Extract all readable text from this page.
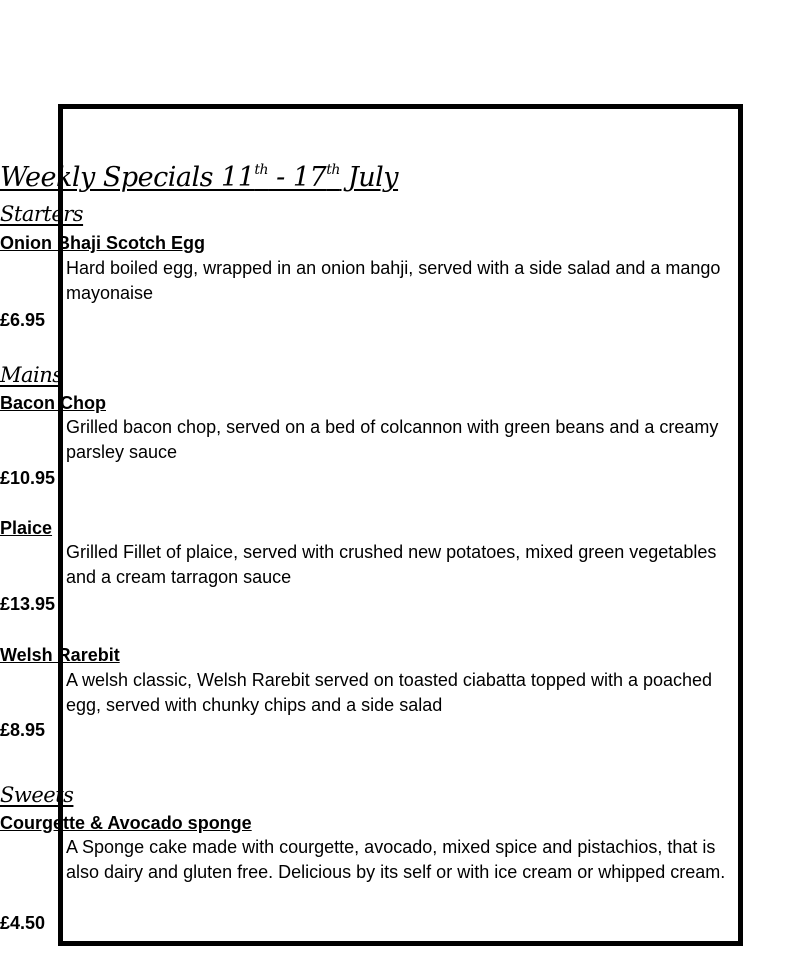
Weekly Specials 11th - 17th July
Starters
Onion Bhaji Scotch Egg
Hard boiled egg, wrapped in an onion bahji, served with a side salad and a mango mayonaise
£6.95
Mains
Bacon Chop
Grilled bacon chop, served on a bed of colcannon with green beans and a creamy parsley sauce
£10.95
Plaice
Grilled Fillet of plaice, served with crushed new potatoes, mixed green vegetables and a cream tarragon sauce
£13.95
Welsh Rarebit
A welsh classic, Welsh Rarebit served on toasted ciabatta topped with a poached egg, served with chunky chips and a side salad
£8.95
Sweets
Courgette & Avocado sponge
A Sponge cake made with courgette, avocado, mixed spice and pistachios, that is also dairy and gluten free. Delicious by its self or with ice cream or whipped cream.
£4.50
